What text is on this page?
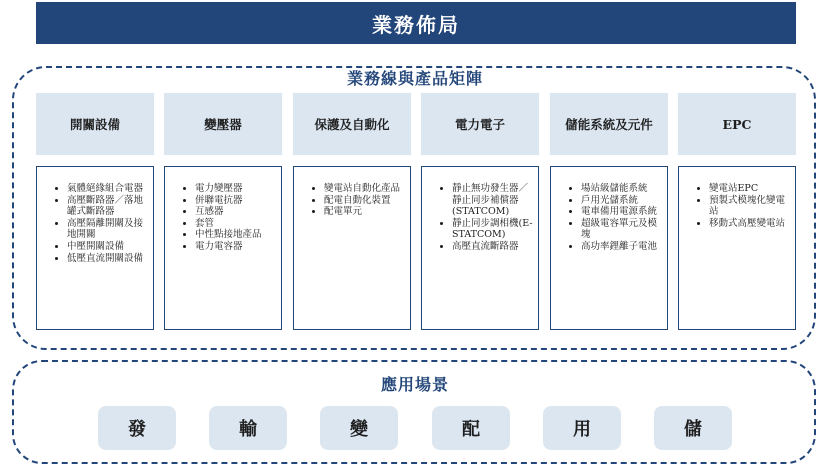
業務佈局
業務線與產品矩陣
開關設備
• 氣體絕緣組合電器
• 高壓斷路器／落地罐式斷路器
• 高壓隔離開關及接地開關
• 中壓開關設備
• 低壓直流開關設備
變壓器
• 電力變壓器
• 併聯電抗器
• 互感器
• 套管
• 中性點接地產品
• 電力電容器
保護及自動化
• 變電站自動化產品
• 配電自動化裝置
• 配電單元
電力電子
• 靜止無功發生器／靜止同步補償器(STATCOM)
• 靜止同步調相機(E-STATCOM)
• 高壓直流斷路器
儲能系統及元件
• 場站級儲能系統
• 戶用光儲系統
• 電車備用電源系統
• 超級電容單元及模塊
• 高功率鋰離子電池
EPC
• 變電站EPC
• 預製式模塊化變電站
• 移動式高壓變電站
應用場景
發	輸	變	配	用	儲
